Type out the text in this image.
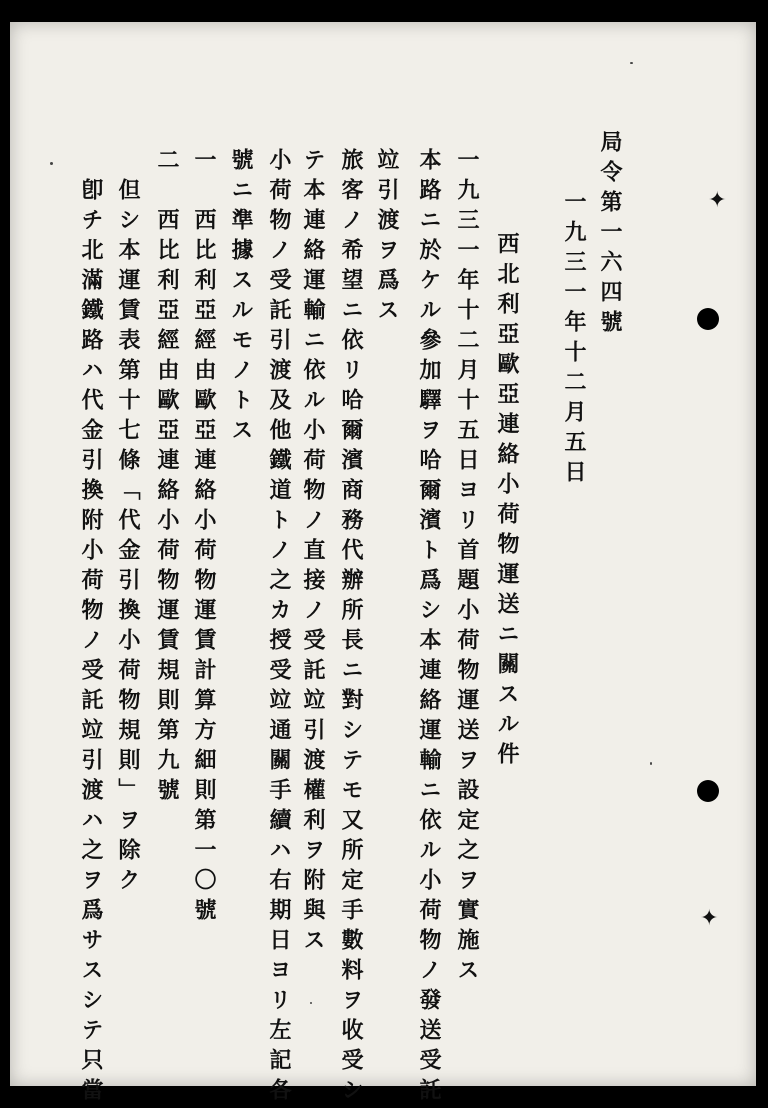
局令第一六四號
一九三一年十二月五日
西北利亞歐亞連絡小荷物運送ニ關スル件
一九三一年十二月十五日ヨリ首題小荷物運送ヲ設定之ヲ實施ス
本路ニ於ケル參加驛ヲ哈爾濱ト爲シ本連絡運輸ニ依ル小荷物ノ發送受託
竝引渡ヲ爲ス
旅客ノ希望ニ依リ哈爾濱商務代辦所長ニ對シテモ又所定手數料ヲ收受シ
テ本連絡運輸ニ依ル小荷物ノ直接ノ受託竝引渡權利ヲ附與ス
小荷物ノ受託引渡及他鐵道トノ之カ授受竝通關手續ハ右期日ヨリ左記各
號ニ準據スルモノトス
一　西比利亞經由歐亞連絡小荷物運賃計算方細則第一〇號
二　西比利亞經由歐亞連絡小荷物運賃規則第九號
　但シ本運賃表第十七條「代金引換小荷物規則」ヲ除ク
　卽チ北滿鐵路ハ代金引換附小荷物ノ受託竝引渡ハ之ヲ爲サスシテ只當	✦
✦
